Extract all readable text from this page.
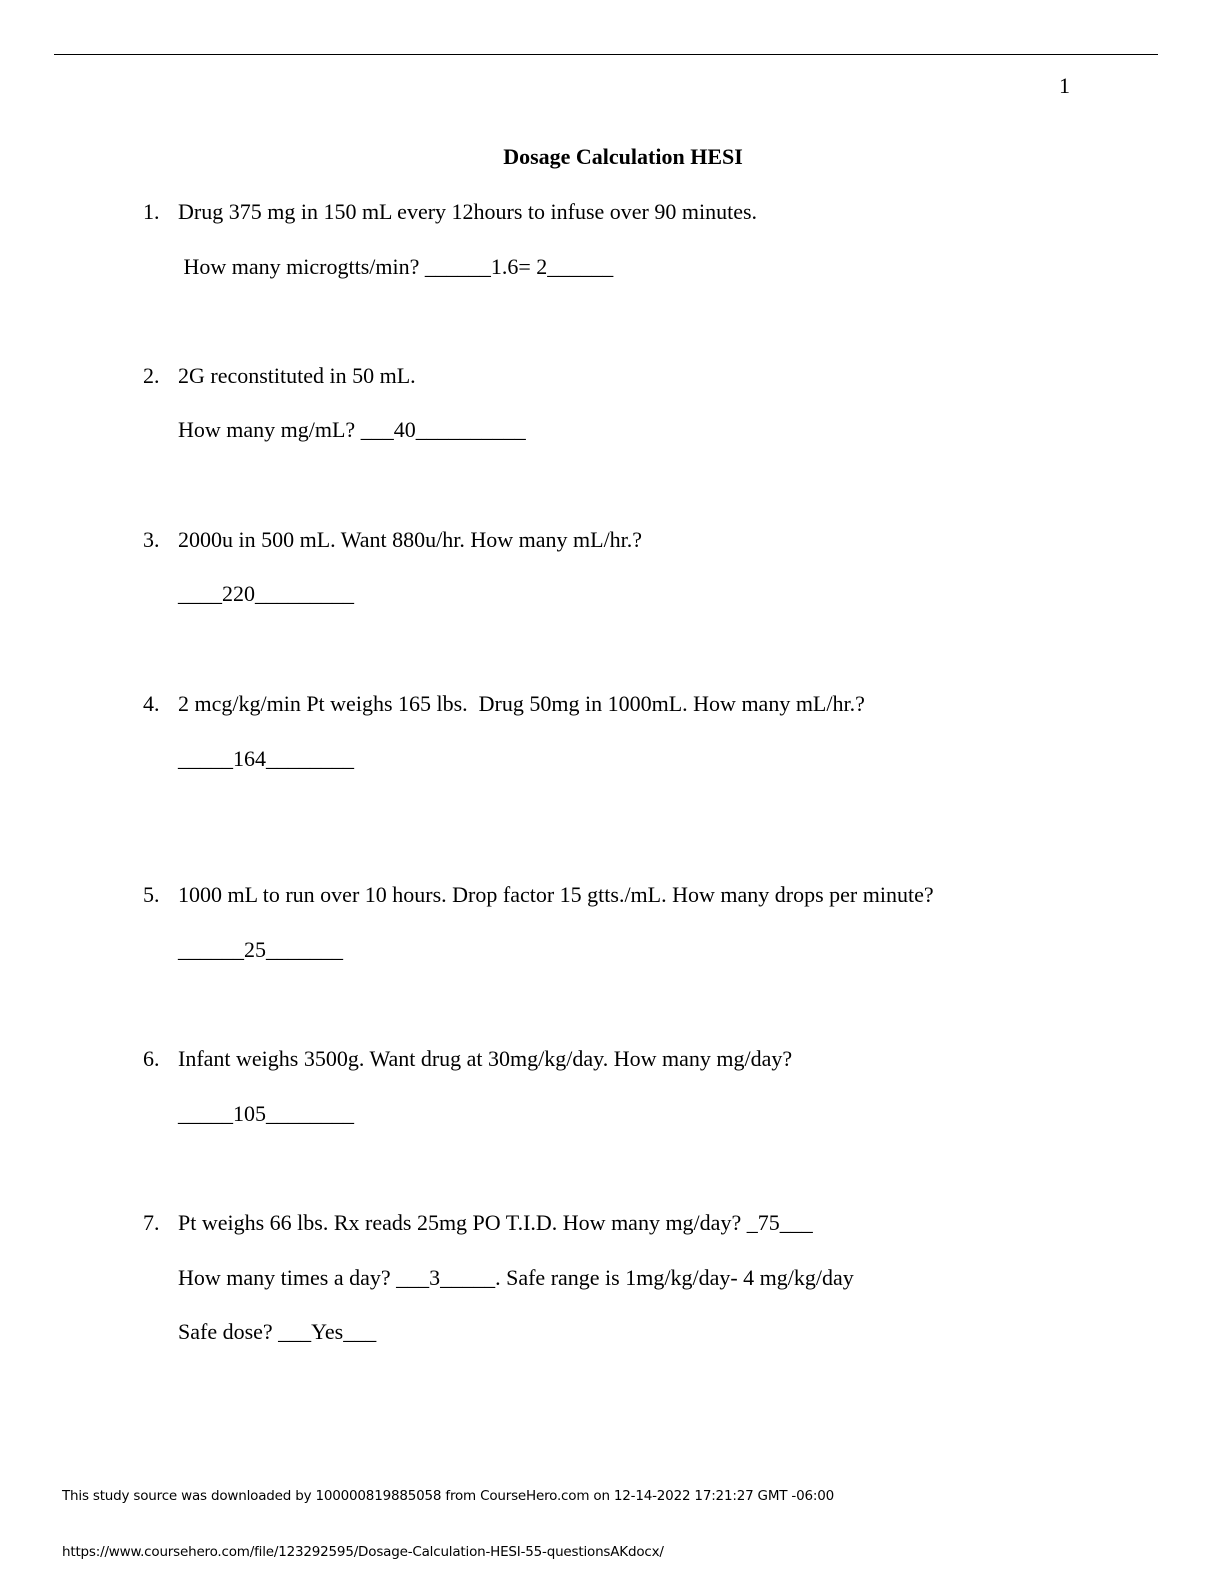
1
Dosage Calculation HESI
1. Drug 375 mg in 150 mL every 12hours to infuse over 90 minutes.
How many microgtts/min? ______1.6= 2______
2. 2G reconstituted in 50 mL.
How many mg/mL? ___40__________
3. 2000u in 500 mL. Want 880u/hr. How many mL/hr.?
____220_________
4. 2 mcg/kg/min Pt weighs 165 lbs.  Drug 50mg in 1000mL. How many mL/hr.?
_____164________
5. 1000 mL to run over 10 hours. Drop factor 15 gtts./mL. How many drops per minute?
______25_______
6. Infant weighs 3500g. Want drug at 30mg/kg/day. How many mg/day?
_____105________
7. Pt weighs 66 lbs. Rx reads 25mg PO T.I.D. How many mg/day? _75___
How many times a day? ___3_____. Safe range is 1mg/kg/day- 4 mg/kg/day
Safe dose? ___Yes___
This study source was downloaded by 100000819885058 from CourseHero.com on 12-14-2022 17:21:27 GMT -06:00
https://www.coursehero.com/file/123292595/Dosage-Calculation-HESI-55-questionsAKdocx/
